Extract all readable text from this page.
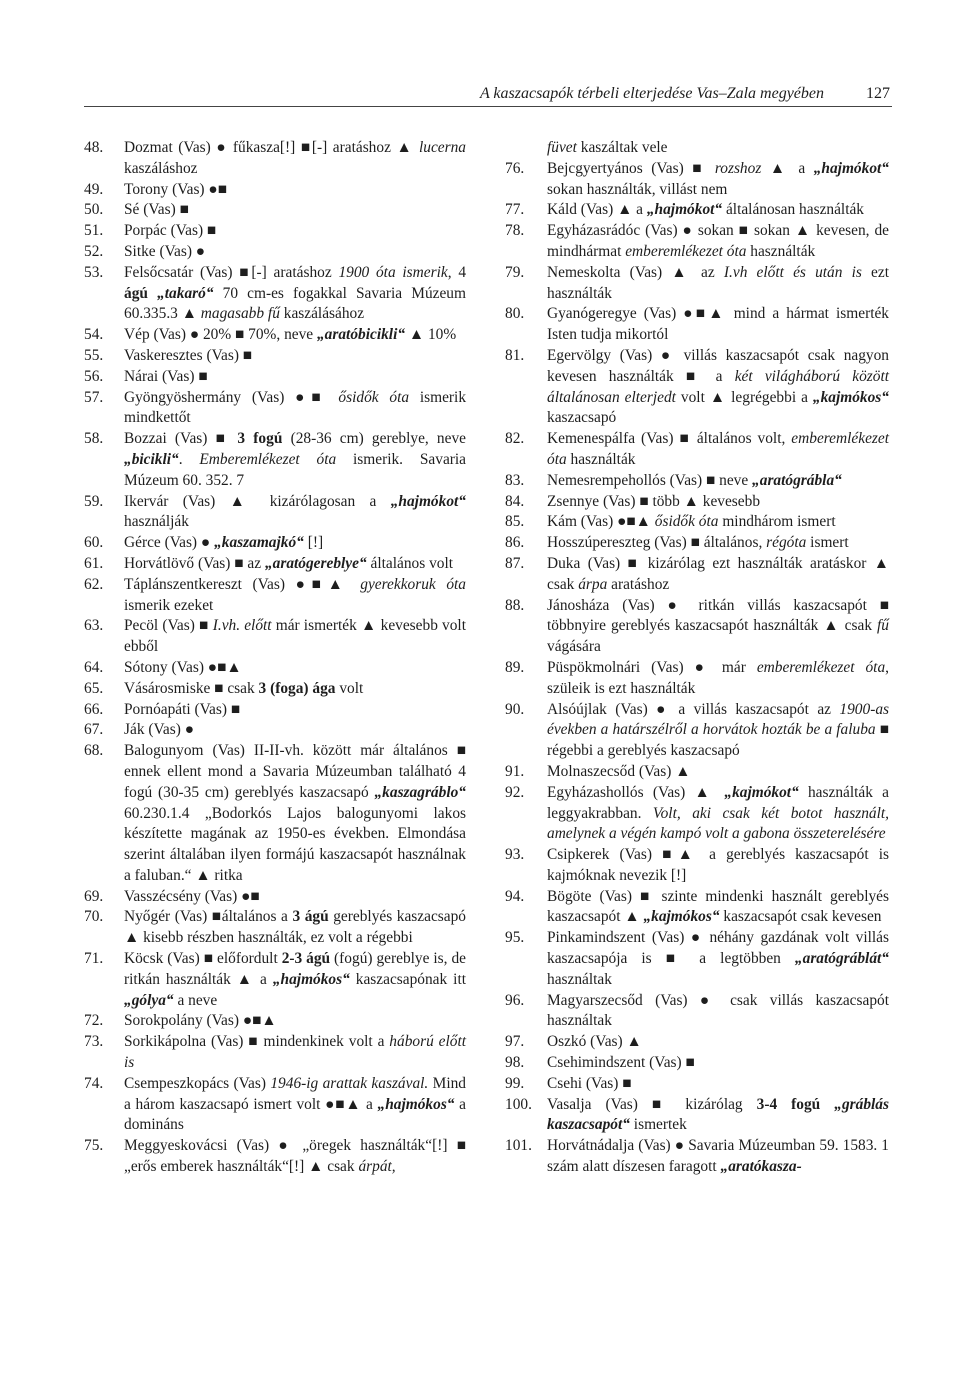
A kaszacsapók térbeli elterjedése Vas–Zala megyében	127
48. Dozmat (Vas) ● fűkasza[!] ■[-] aratáshoz ▲ lucerna kaszáláshoz
49. Torony (Vas) ●■
50. Sé (Vas) ■
51. Porpác (Vas) ■
52. Sitke (Vas) ●
53. Felsőcsatár (Vas) ■[-] aratáshoz 1900 óta ismerik, 4 ágú „takaró“ 70 cm-es fogakkal Savaria Múzeum 60.335.3 ▲ magasabb fű kaszálásához
54. Vép (Vas) ● 20% ■ 70%, neve „aratóbicikli“ ▲ 10%
55. Vaskeresztes (Vas) ■
56. Nárai (Vas) ■
57. Gyöngyöshermány (Vas) ●■ ősidők óta ismerik mindkettőt
58. Bozzai (Vas) ■ 3 fogú (28-36 cm) gereblye, neve „bicikli“. Emberemlékezet óta ismerik. Savaria Múzeum 60. 352. 7
59. Ikervár (Vas) ▲ kizárólagosan a „hajmókot“ használják
60. Gérce (Vas) ● „kaszamajkó“ [!]
61. Horvátlövő (Vas) ■ az „aratógereblye“ általános volt
62. Táplánszentkereszt (Vas) ●■▲ gyerekkoruk óta ismerik ezeket
63. Pecöl (Vas) ■ I.vh. előtt már ismerték ▲ kevesebb volt ebből
64. Sótony (Vas) ●■▲
65. Vásárosmiske ■ csak 3 (foga) ága volt
66. Pornóapáti (Vas) ■
67. Ják (Vas) ●
68. Balogunyom (Vas) II-II-vh. között már általános ■ ennek ellent mond a Savaria Múzeumban található 4 fogú (30-35 cm) gereblyés kaszacsapó „kaszagráblo“ 60.230.1.4 „Bodorkós Lajos balogunyomi lakos készítette magának az 1950-es években. Elmondása szerint általában ilyen formájú kaszacsapót használnak a faluban.“ ▲ ritka
69. Vasszécsény (Vas) ●■
70. Nyőgér (Vas) ■általános a 3 ágú gereblyés kaszacsapó ▲ kisebb részben használták, ez volt a régebbi
71. Köcsk (Vas) ■ előfordult 2-3 ágú (fogú) gereblye is, de ritkán használták ▲ a „hajmókos“ kaszacsapónak itt „gólya“ a neve
72. Sorokpolány (Vas) ●■▲
73. Sorkikápolna (Vas) ■ mindenkinek volt a háború előtt is
74. Csempeszkopács (Vas) 1946-ig arattak kaszával. Mind a három kaszacsapó ismert volt ●■▲ a „hajmókos“ a domináns
75. Meggyeskovácsi (Vas) ● „öregek használták“[!] ■ „erős emberek használták“[!] ▲ csak árpát,
füvet kaszáltak vele
76. Bejcgyertyános (Vas) ■ rozshoz ▲ a „hajmókot“ sokan használták, villást nem
77. Káld (Vas) ▲ a „hajmókot“ általánosan használták
78. Egyházasrádóc (Vas) ● sokan ■ sokan ▲ kevesen, de mindhármat emberemlékezet óta használták
79. Nemeskolta (Vas) ▲ az I.vh előtt és után is ezt használták
80. Gyanógeregye (Vas) ●■▲ mind a hármat ismerték Isten tudja mikortól
81. Egervölgy (Vas) ● villás kaszacsapót csak nagyon kevesen használták ■ a két világháború között általánosan elterjedt volt ▲ legrégebbi a „kajmókos“ kaszacsapó
82. Kemenespálfa (Vas) ■ általános volt, emberemlékezet óta használták
83. Nemesrempehollós (Vas) ■ neve „aratógrábla“
84. Zsennye (Vas) ■ több ▲ kevesebb
85. Kám (Vas) ●■▲ ősidők óta mindhárom ismert
86. Hosszúpereszteg (Vas) ■ általános, régóta ismert
87. Duka (Vas) ■ kizárólag ezt használták aratáskor ▲ csak árpa aratáshoz
88. Jánosháza (Vas) ● ritkán villás kaszacsapót ■ többnyire gereblyés kaszacsapót használták ▲ csak fű vágására
89. Püspökmolnári (Vas) ● már emberemlékezet óta, szüleik is ezt használták
90. Alsóújlak (Vas) ● a villás kaszacsapót az 1900-as években a határszélről a horvátok hozták be a faluba ■ régebbi a gereblyés kaszacsapó
91. Molnaszecsőd (Vas) ▲
92. Egyházashollós (Vas) ▲ „kajmókot“ használták a leggyakrabban. Volt, aki csak két botot használt, amelynek a végén kampó volt a gabona összeterelésére
93. Csipkerek (Vas) ■▲ a gereblyés kaszacsapót is kajmóknak nevezik [!]
94. Bögöte (Vas) ■ szinte mindenki használt gereblyés kaszacsapót ▲ „kajmókos“ kaszacsapót csak kevesen
95. Pinkamindszent (Vas) ● néhány gazdának volt villás kaszacsapója is ■ a legtöbben „aratógráblát“ használtak
96. Magyarszecsőd (Vas) ● csak villás kaszacsapót használtak
97. Oszkó (Vas) ▲
98. Csehimindszent (Vas) ■
99. Csehi (Vas) ■
100. Vasalja (Vas) ■ kizárólag 3-4 fogú „gráblás kaszacsapót“ ismertek
101. Horvátnádalja (Vas) ● Savaria Múzeumban 59. 1583. 1 szám alatt díszesen faragott „aratókasza-
